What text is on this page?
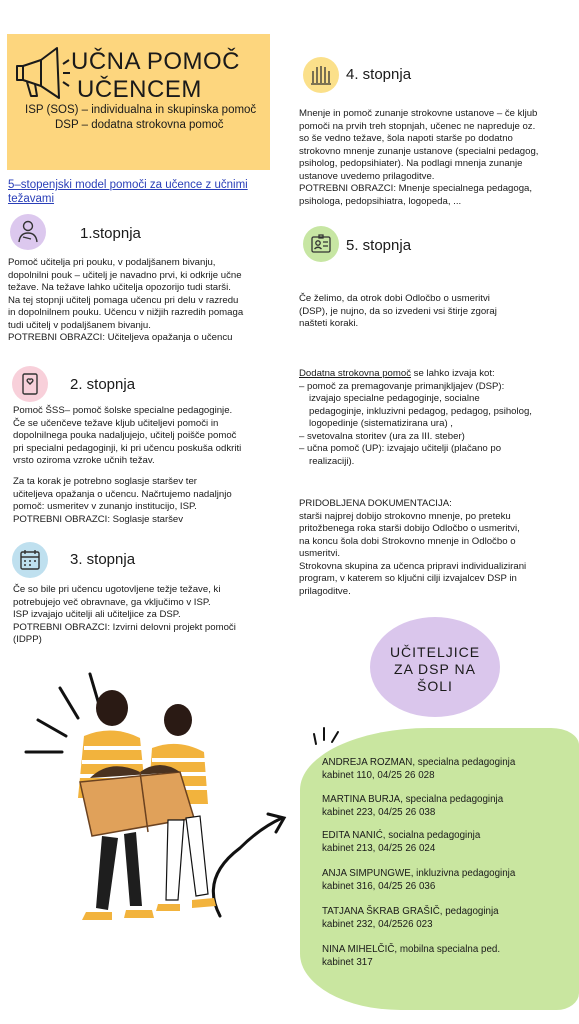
UČNA POMOČ
UČENCEM
ISP (SOS) – individualna in skupinska pomoč
DSP – dodatna strokovna pomoč
5–stopenjski model pomoči za učence z učnimi težavami
1.stopnja

Pomoč učitelja pri pouku, v podaljšanem bivanju,

dopolnilni pouk – učitelj je navadno prvi, ki odkrije učne

težave. Na težave lahko učitelja opozorijo tudi starši.

Na tej stopnji učitelj pomaga učencu pri delu v razredu

in dopolnilnem pouku. Učencu v nižjih razredih pomaga

tudi učitelj v podaljšanem bivanju.

POTREBNI OBRAZCI: Učiteljeva opažanja o učencu

2. stopnja

Pomoč ŠSS– pomoč šolske specialne pedagoginje.

Če se učenčeve težave kljub učiteljevi pomoči in

dopolnilnega pouka nadaljujejo, učitelj poišče pomoč

pri specialni pedagoginji, ki pri učencu poskuša odkriti

vrsto oziroma vzroke učnih težav.

Za ta korak je potrebno soglasje staršev ter

učiteljeva opažanja o učencu. Načrtujemo nadaljnjo

pomoč: usmeritev v zunanjo institucijo, ISP.

POTREBNI OBRAZCI: Soglasje staršev

3. stopnja

Če so bile pri učencu ugotovljene težje težave, ki

potrebujejo več obravnave, ga vključimo v ISP.

ISP izvajajo učitelji ali učiteljice za DSP.

POTREBNI OBRAZCI: Izvirni delovni projekt pomoči

(IDPP)

4. stopnja

Mnenje in pomoč zunanje strokovne ustanove – če kljub

pomoči na prvih treh stopnjah, učenec ne napreduje oz.

so še vedno težave, šola napoti starše po dodatno

strokovno mnenje zunanje ustanove (specialni pedagog,

psiholog, pedopsihiater). Na podlagi mnenja zunanje

ustanove uvedemo prilagoditve.

POTREBNI OBRAZCI: Mnenje specialnega pedagoga,

psihologa, pedopsihiatra, logopeda, ...

5. stopnja

Če želimo, da otrok dobi Odločbo o usmeritvi

(DSP), je nujno, da so izvedeni vsi štirje zgoraj

našteti koraki.

Dodatna strokovna pomoč se lahko izvaja kot:

– pomoč za premagovanje primanjkljajev (DSP):

izvajajo specialne pedagoginje, socialne

pedagoginje, inkluzivni pedagog, pedagog, psiholog,

logopedinje (sistematizirana ura) ,

– svetovalna storitev (ura za III. steber)

– učna pomoč (UP): izvajajo učitelji (plačano po

realizaciji).

PRIDOBLJENA DOKUMENTACIJA:

starši najprej dobijo strokovno mnenje, po preteku

pritožbenega roka starši dobijo Odločbo o usmeritvi,

na koncu šola dobi Strokovno mnenje in Odločbo o

usmeritvi.

Strokovna skupina za učenca pripravi individualizirani

program, v katerem so ključni cilji izvajalcev DSP in

prilagoditve.

UČITELJICE
ZA DSP NA
ŠOLI
ANDREJA ROZMAN, specialna pedagoginja
kabinet 110, 04/25 26 028
MARTINA BURJA, specialna pedagoginja
kabinet 223, 04/25 26 038
EDITA NANIĆ, socialna pedagoginja
kabinet 213, 04/25 26 024
ANJA SIMPUNGWE, inkluzivna pedagoginja
kabinet 316, 04/25 26 036
TATJANA ŠKRAB GRAŠIČ, pedagoginja
kabinet 232, 04/2526 023
NINA MIHELČIČ, mobilna specialna ped.
kabinet 317
